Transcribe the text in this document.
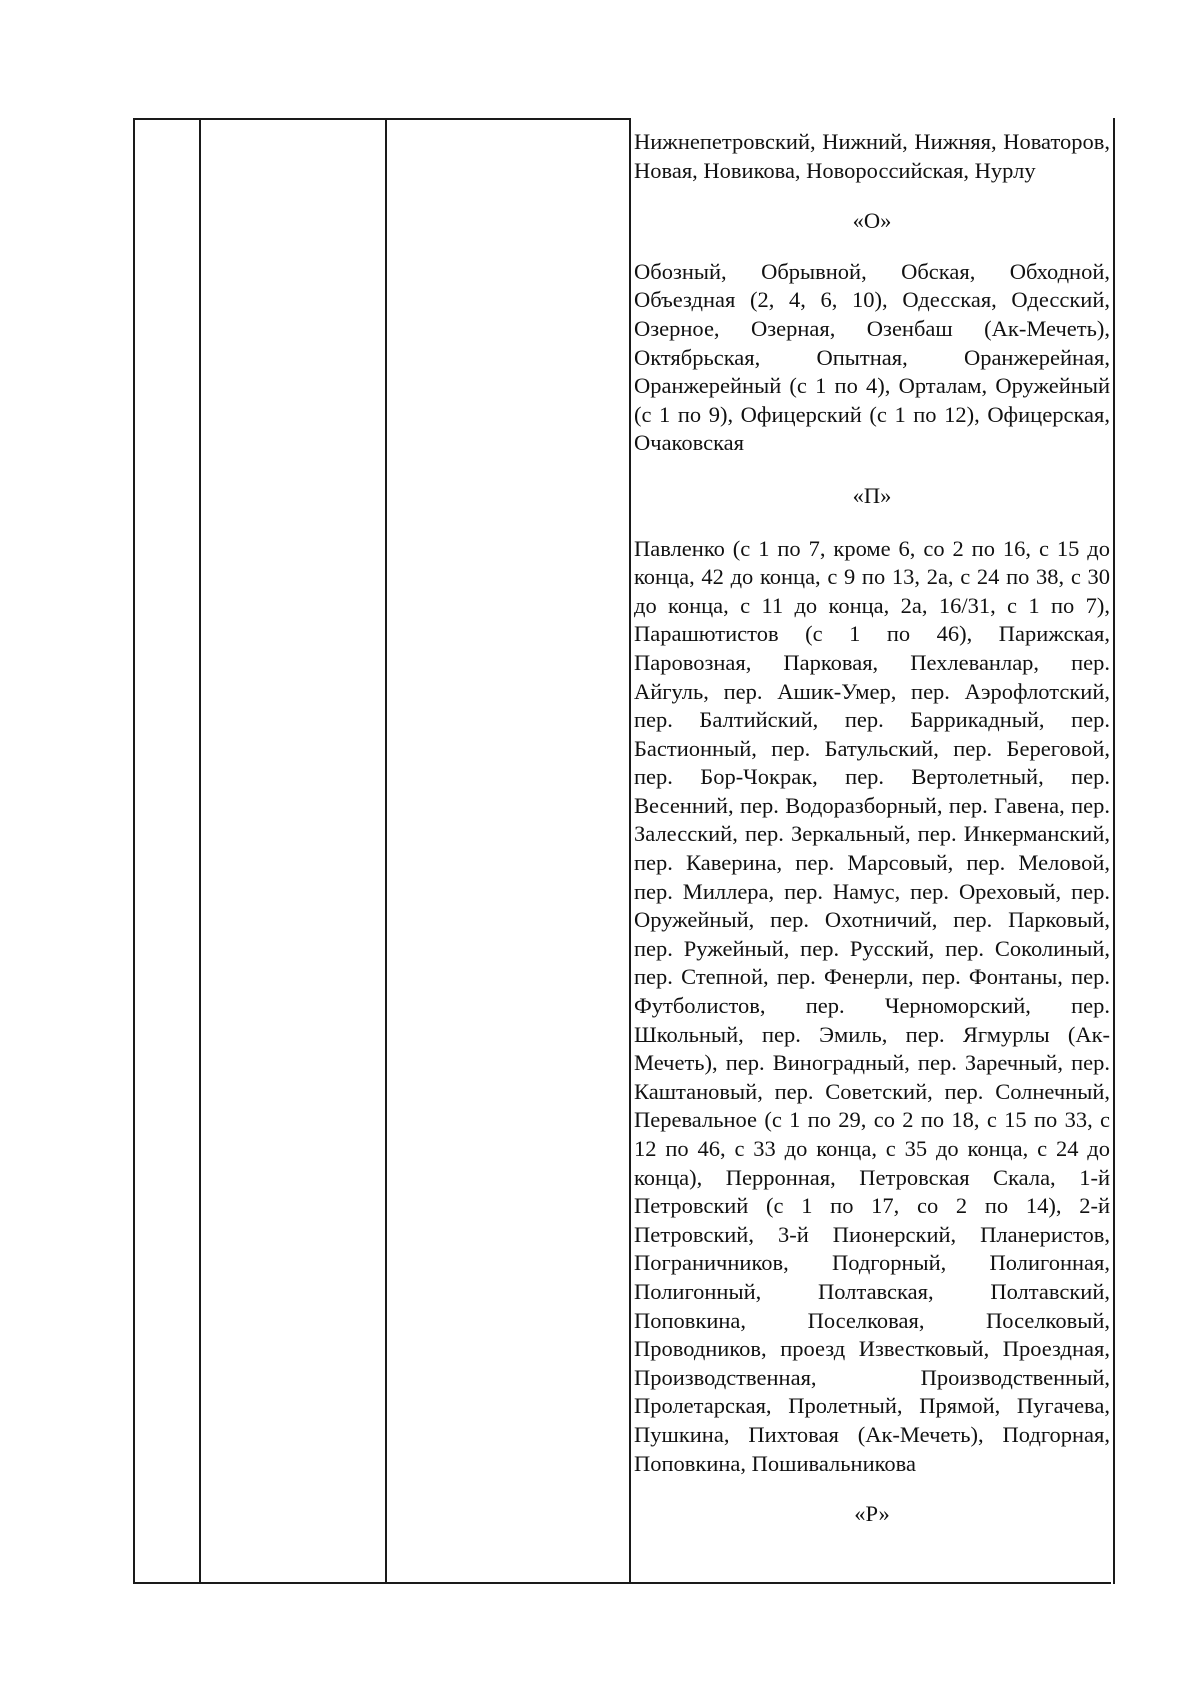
Нижнепетровский, Нижний, Нижняя, Новаторов, Новая, Новикова, Новороссийская, Нурлу

«О»

Обозный, Обрывной, Обская, Обходной, Объездная (2, 4, 6, 10), Одесская, Одесский, Озерное, Озерная, Озенбаш (Ак-Мечеть), Октябрьская, Опытная, Оранжерейная, Оранжерейный (с 1 по 4), Орталам, Оружейный (с 1 по 9), Офицерский (с 1 по 12), Офицерская, Очаковская

«П»

Павленко (с 1 по 7, кроме 6, со 2 по 16, с 15 до конца, 42 до конца, с 9 по 13, 2а, с 24 по 38, с 30 до конца, с 11 до конца, 2а, 16/31, с 1 по 7), Парашютистов (с 1 по 46), Парижская, Паровозная, Парковая, Пехлеванлар, пер. Айгуль, пер. Ашик-Умер, пер. Аэрофлотский, пер. Балтийский, пер. Баррикадный, пер. Бастионный, пер. Батульский, пер. Береговой, пер. Бор-Чокрак, пер. Вертолетный, пер. Весенний, пер. Водоразборный, пер. Гавена, пер. Залесский, пер. Зеркальный, пер. Инкерманский, пер. Каверина, пер. Марсовый, пер. Меловой, пер. Миллера, пер. Намус, пер. Ореховый, пер. Оружейный, пер. Охотничий, пер. Парковый, пер. Ружейный, пер. Русский, пер. Соколиный, пер. Степной, пер. Фенерли, пер. Фонтаны, пер. Футболистов, пер. Черноморский, пер. Школьный, пер. Эмиль, пер. Ягмурлы (Ак-Мечеть), пер. Виноградный, пер. Заречный, пер. Каштановый, пер. Советский, пер. Солнечный, Перевальное (с 1 по 29, со 2 по 18, с 15 по 33, с 12 по 46, с 33 до конца, с 35 до конца, с 24 до конца), Перронная, Петровская Скала, 1-й Петровский (с 1 по 17, со 2 по 14), 2-й Петровский, 3-й Пионерский, Планеристов, Пограничников, Подгорный, Полигонная, Полигонный, Полтавская, Полтавский, Поповкина, Поселковая, Поселковый, Проводников, проезд Известковый, Проездная, Производственная, Производственный, Пролетарская, Пролетный, Прямой, Пугачева, Пушкина, Пихтовая (Ак-Мечеть), Подгорная, Поповкина, Пошивальникова

«Р»
